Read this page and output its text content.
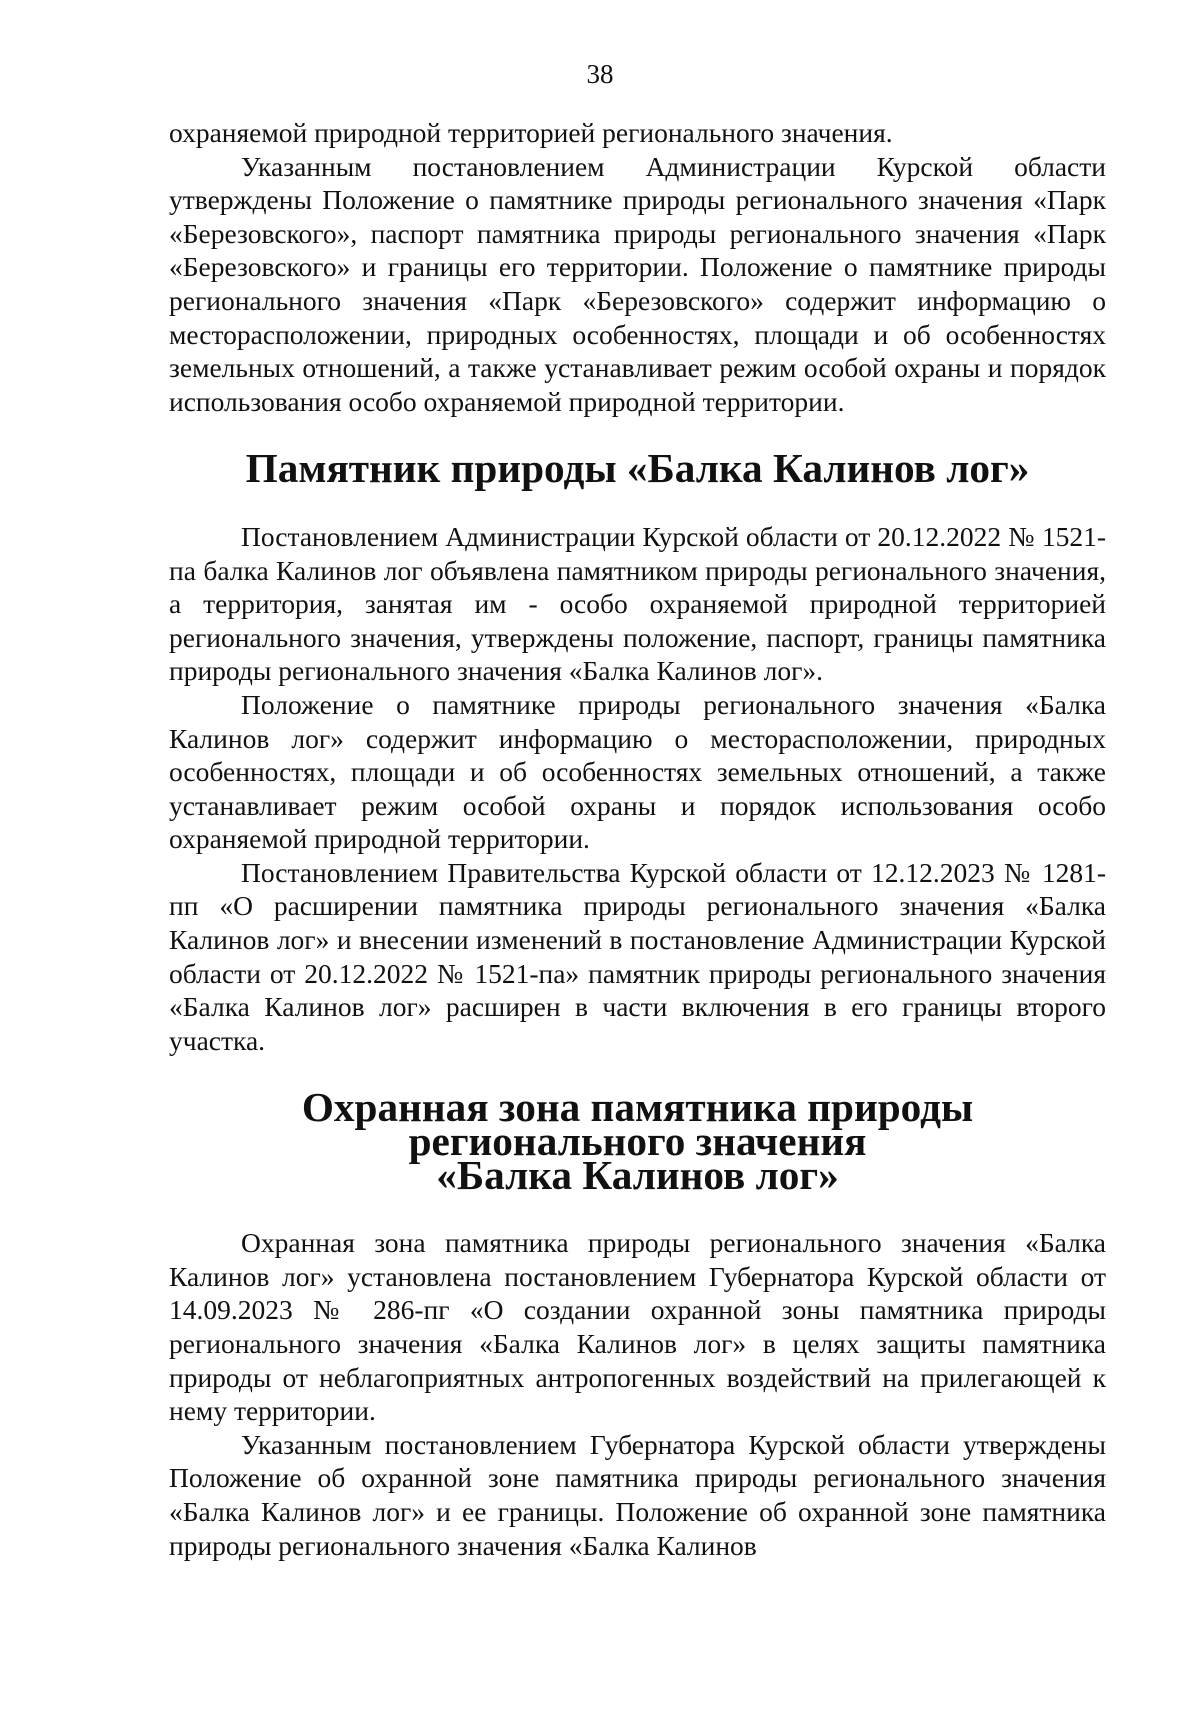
38

охраняемой природной территорией регионального значения.

Указанным постановлением Администрации Курской области утверждены Положение о памятнике природы регионального значения «Парк «Березовского», паспорт памятника природы регионального значения «Парк «Березовского» и границы его территории. Положение о памятнике природы регионального значения «Парк «Березовского» содержит информацию о месторасположении, природных особенностях, площади и об особенностях земельных отношений, а также устанавливает режим особой охраны и порядок использования особо охраняемой природной территории.

Памятник природы «Балка Калинов лог»

Постановлением Администрации Курской области от 20.12.2022 № 1521-па балка Калинов лог объявлена памятником природы регионального значения, а территория, занятая им - особо охраняемой природной территорией регионального значения, утверждены положение, паспорт, границы памятника природы регионального значения «Балка Калинов лог».

Положение о памятнике природы регионального значения «Балка Калинов лог» содержит информацию о месторасположении, природных особенностях, площади и об особенностях земельных отношений, а также устанавливает режим особой охраны и порядок использования особо охраняемой природной территории.

Постановлением Правительства Курской области от 12.12.2023 № 1281-пп «О расширении памятника природы регионального значения «Балка Калинов лог» и внесении изменений в постановление Администрации Курской области от 20.12.2022 № 1521-па» памятник природы регионального значения «Балка Калинов лог» расширен в части включения в его границы второго участка.

Охранная зона памятника природы регионального значения
«Балка Калинов лог»

Охранная зона памятника природы регионального значения «Балка Калинов лог» установлена постановлением Губернатора Курской области от 14.09.2023 № 286-пг «О создании охранной зоны памятника природы регионального значения «Балка Калинов лог» в целях защиты памятника природы от неблагоприятных антропогенных воздействий на прилегающей к нему территории.

Указанным постановлением Губернатора Курской области утверждены Положение об охранной зоне памятника природы регионального значения «Балка Калинов лог» и ее границы. Положение об охранной зоне памятника природы регионального значения «Балка Калинов
